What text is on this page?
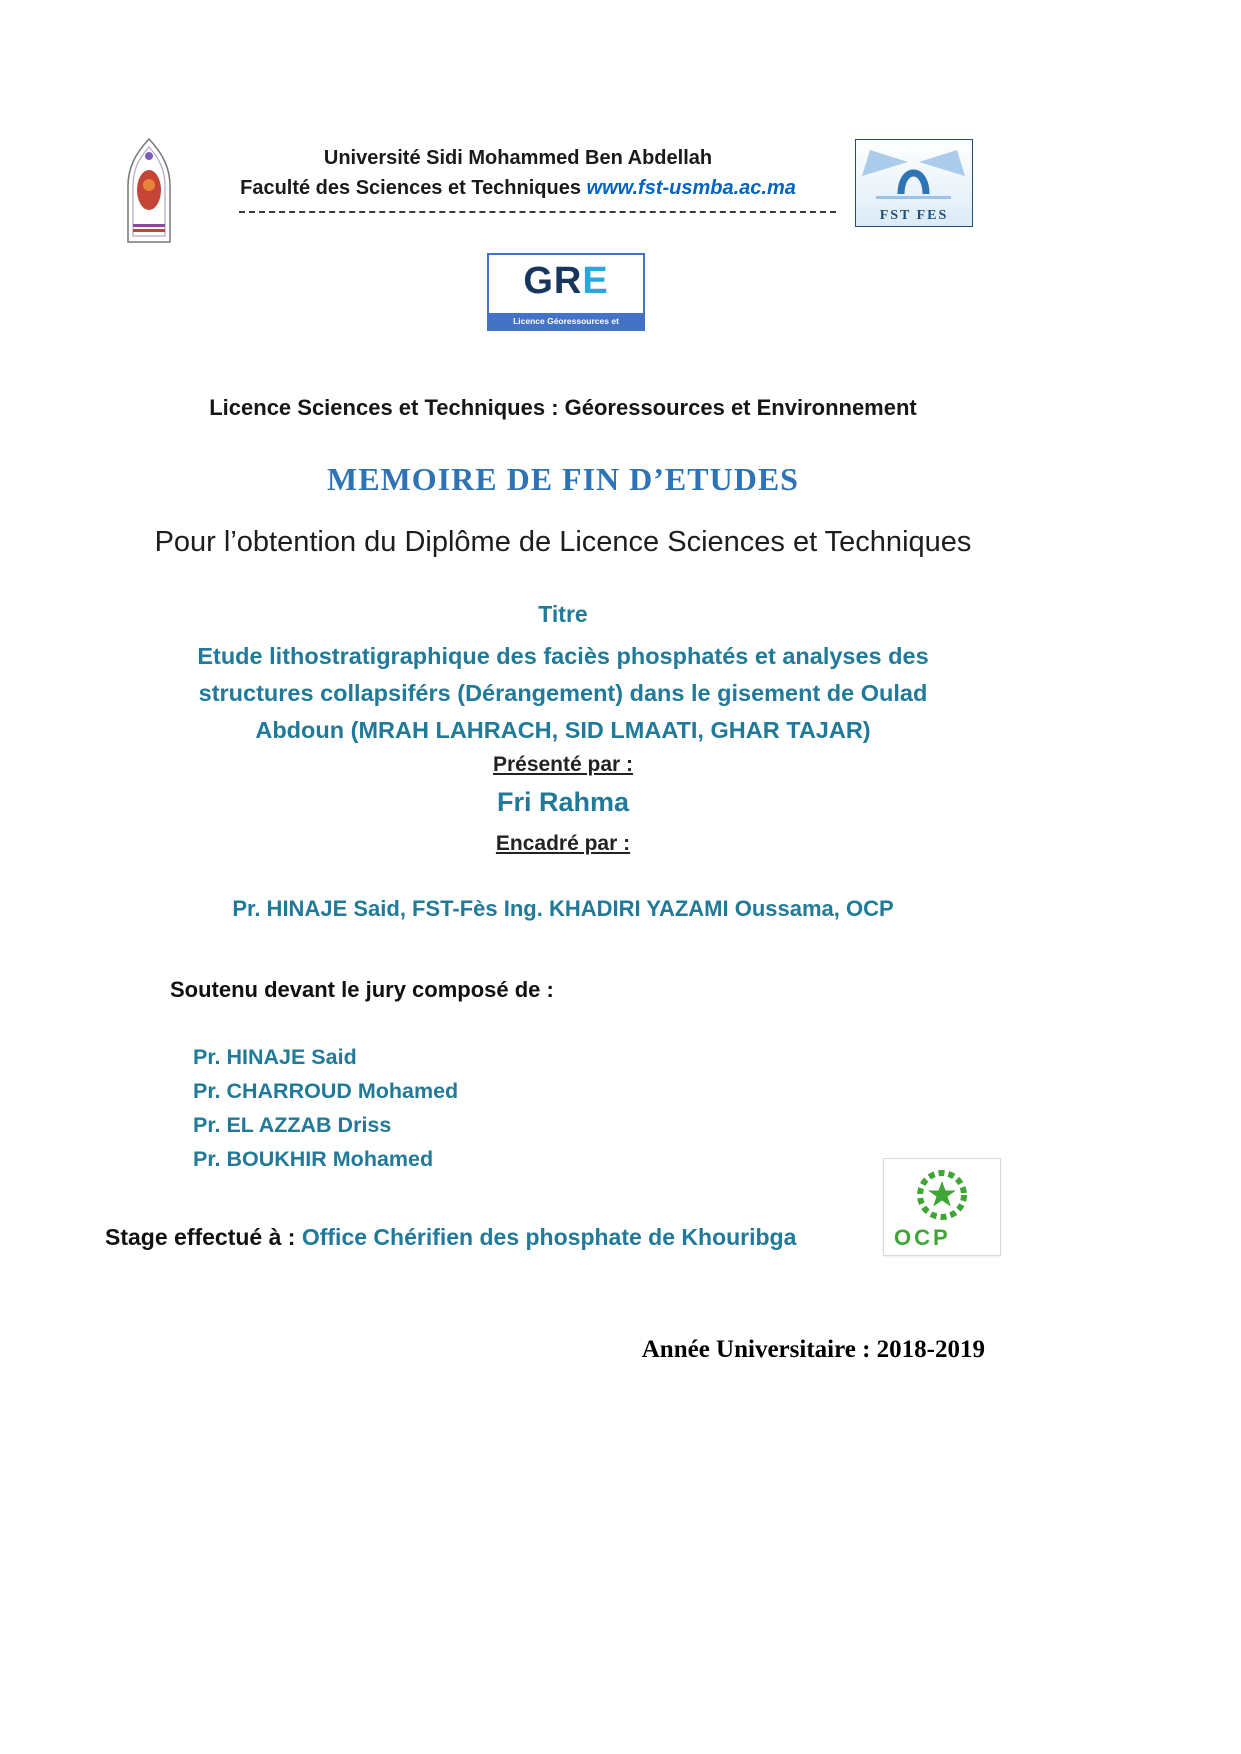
Université Sidi Mohammed Ben Abdellah
Faculté des Sciences et Techniques www.fst-usmba.ac.ma
FST FES
GRE
Licence Géoressources et Environnement
Licence Sciences et Techniques : Géoressources et Environnement
MEMOIRE DE FIN D’ETUDES
Pour l’obtention du Diplôme de Licence Sciences et Techniques
Titre
Etude lithostratigraphique des faciès phosphatés et analyses des
structures collapsiférs (Dérangement) dans le gisement de Oulad
Abdoun (MRAH LAHRACH, SID LMAATI, GHAR TAJAR)
Présenté par :
Fri Rahma
Encadré par :
Pr. HINAJE Said, FST-Fès Ing. KHADIRI YAZAMI Oussama, OCP
Soutenu devant le jury composé de :
Pr. HINAJE Said
Pr. CHARROUD Mohamed
Pr. EL AZZAB Driss
Pr. BOUKHIR Mohamed
Stage effectué à : Office Chérifien des phosphate de Khouribga	OCP
Année Universitaire : 2018-2019
